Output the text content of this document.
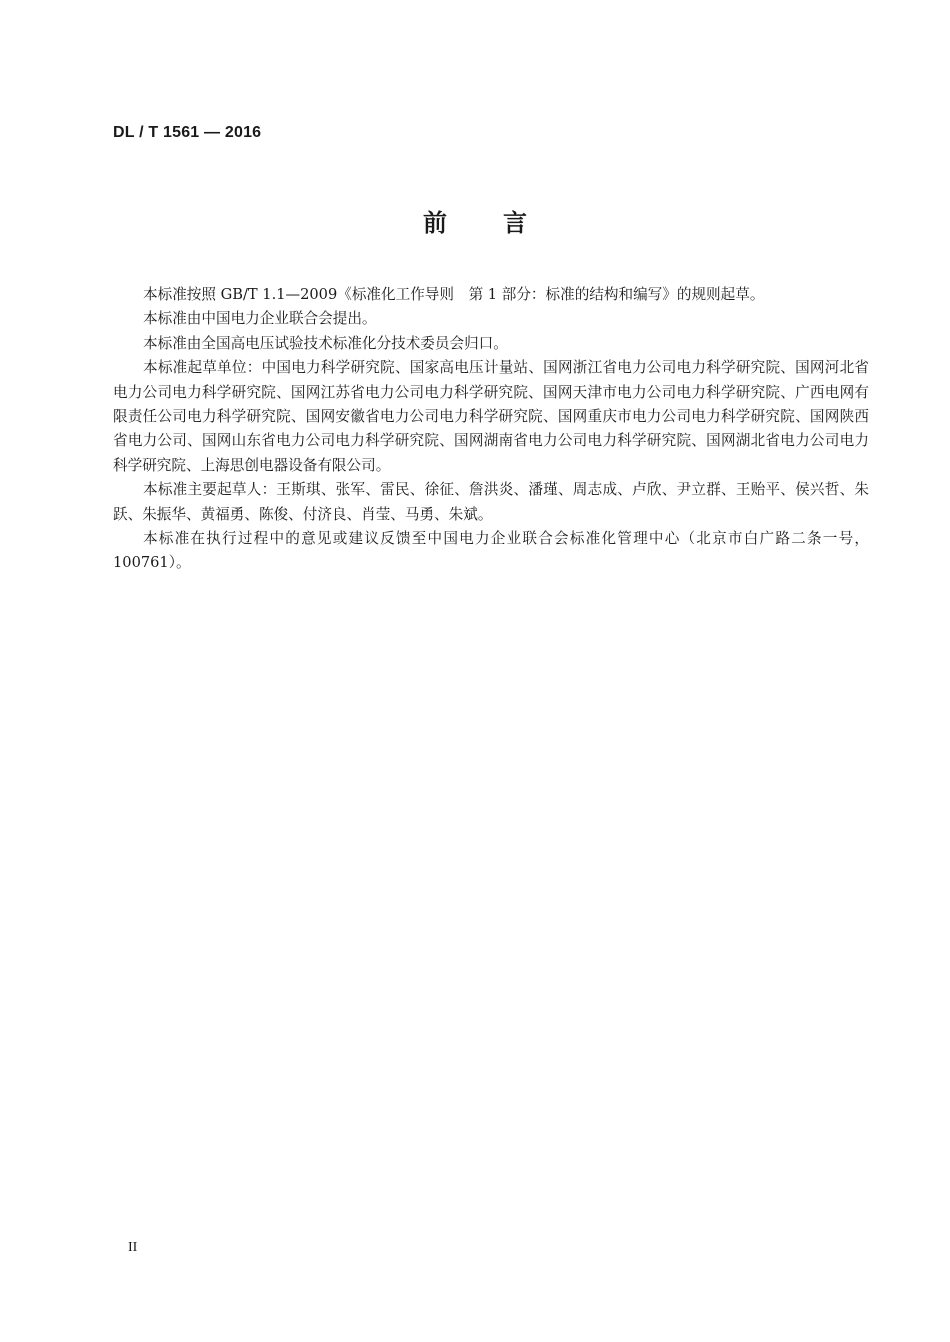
DL / T 1561 — 2016
前 言

本标准按照 GB/T 1.1—2009《标准化工作导则　第 1 部分：标准的结构和编写》的规则起草。

本标准由中国电力企业联合会提出。

本标准由全国高电压试验技术标准化分技术委员会归口。

本标准起草单位：中国电力科学研究院、国家高电压计量站、国网浙江省电力公司电力科学研究院、国网河北省电力公司电力科学研究院、国网江苏省电力公司电力科学研究院、国网天津市电力公司电力科学研究院、广西电网有限责任公司电力科学研究院、国网安徽省电力公司电力科学研究院、国网重庆市电力公司电力科学研究院、国网陕西省电力公司、国网山东省电力公司电力科学研究院、国网湖南省电力公司电力科学研究院、国网湖北省电力公司电力科学研究院、上海思创电器设备有限公司。

本标准主要起草人：王斯琪、张军、雷民、徐征、詹洪炎、潘瑾、周志成、卢欣、尹立群、王贻平、侯兴哲、朱跃、朱振华、黄福勇、陈俊、付济良、肖莹、马勇、朱斌。

本标准在执行过程中的意见或建议反馈至中国电力企业联合会标准化管理中心（北京市白广路二条一号，100761）。

II
